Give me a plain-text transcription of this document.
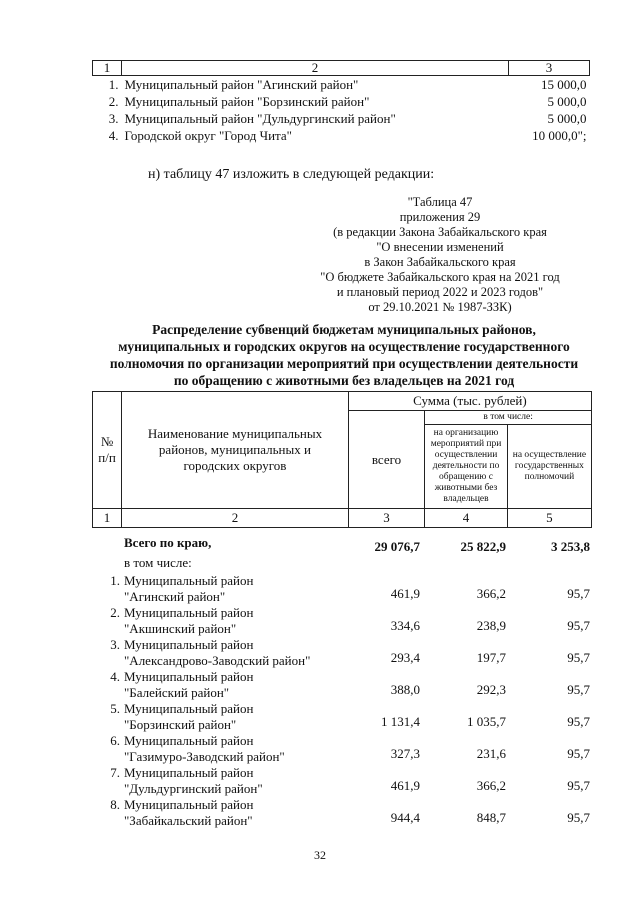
1	2	3
1.	Муниципальный район "Агинский район"	15 000,0
2.	Муниципальный район "Борзинский район"	5 000,0
3.	Муниципальный район "Дульдургинский район"	5 000,0
4.	Городской округ "Город Чита"	10 000,0";
н) таблицу 47 изложить в следующей редакции:
"Таблица 47
приложения 29
(в редакции Закона Забайкальского края
"О внесении изменений
в Закон Забайкальского края
"О бюджете Забайкальского края на 2021 год
и плановый период 2022 и 2023 годов"
от 29.10.2021 № 1987-ЗЗК)
Распределение субвенций бюджетам муниципальных районов,
муниципальных и городских округов на осуществление государственного
полномочия по организации мероприятий при осуществлении деятельности
по обращению с животными без владельцев на 2021 год
№ п/п	Наименование муниципальных районов, муниципальных и городских округов	Сумма (тыс. рублей)		
		всего	в том числе:	
			на организацию мероприятий при осуществлении деятельности по обращению с животными без владельцев	на осуществление государственных полномочий
1	2	3	4	5
Всего по краю,	29 076,7	25 822,9	3 253,8
в том числе:
1. Муниципальный район
"Агинский район"	461,9	366,2	95,7
2. Муниципальный район
"Акшинский район"	334,6	238,9	95,7
3. Муниципальный район
"Александрово-Заводский район"	293,4	197,7	95,7
4. Муниципальный район
"Балейский район"	388,0	292,3	95,7
5. Муниципальный район
"Борзинский район"	1 131,4	1 035,7	95,7
6. Муниципальный район
"Газимуро-Заводский район"	327,3	231,6	95,7
7. Муниципальный район
"Дульдургинский район"	461,9	366,2	95,7
8. Муниципальный район
"Забайкальский район"	944,4	848,7	95,7
32
